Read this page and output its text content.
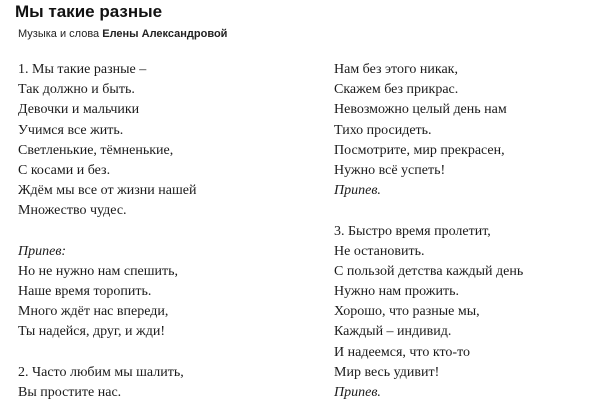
Мы такие разные
Музыка и слова Елены Александровой
1. Мы такие разные –
Так должно и быть.
Девочки и мальчики
Учимся все жить.
Светленькие, тёмненькие,
С косами и без.
Ждём мы все от жизни нашей
Множество чудес.
Припев:
Но не нужно нам спешить,
Наше время торопить.
Много ждёт нас впереди,
Ты надейся, друг, и жди!
2. Часто любим мы шалить,
Вы простите нас.
Нам без этого никак,
Скажем без прикрас.
Невозможно целый день нам
Тихо просидеть.
Посмотрите, мир прекрасен,
Нужно всё успеть!
Припев.
3. Быстро время пролетит,
Не остановить.
С пользой детства каждый день
Нужно нам прожить.
Хорошо, что разные мы,
Каждый – индивид.
И надеемся, что кто-то
Мир весь удивит!
Припев.
